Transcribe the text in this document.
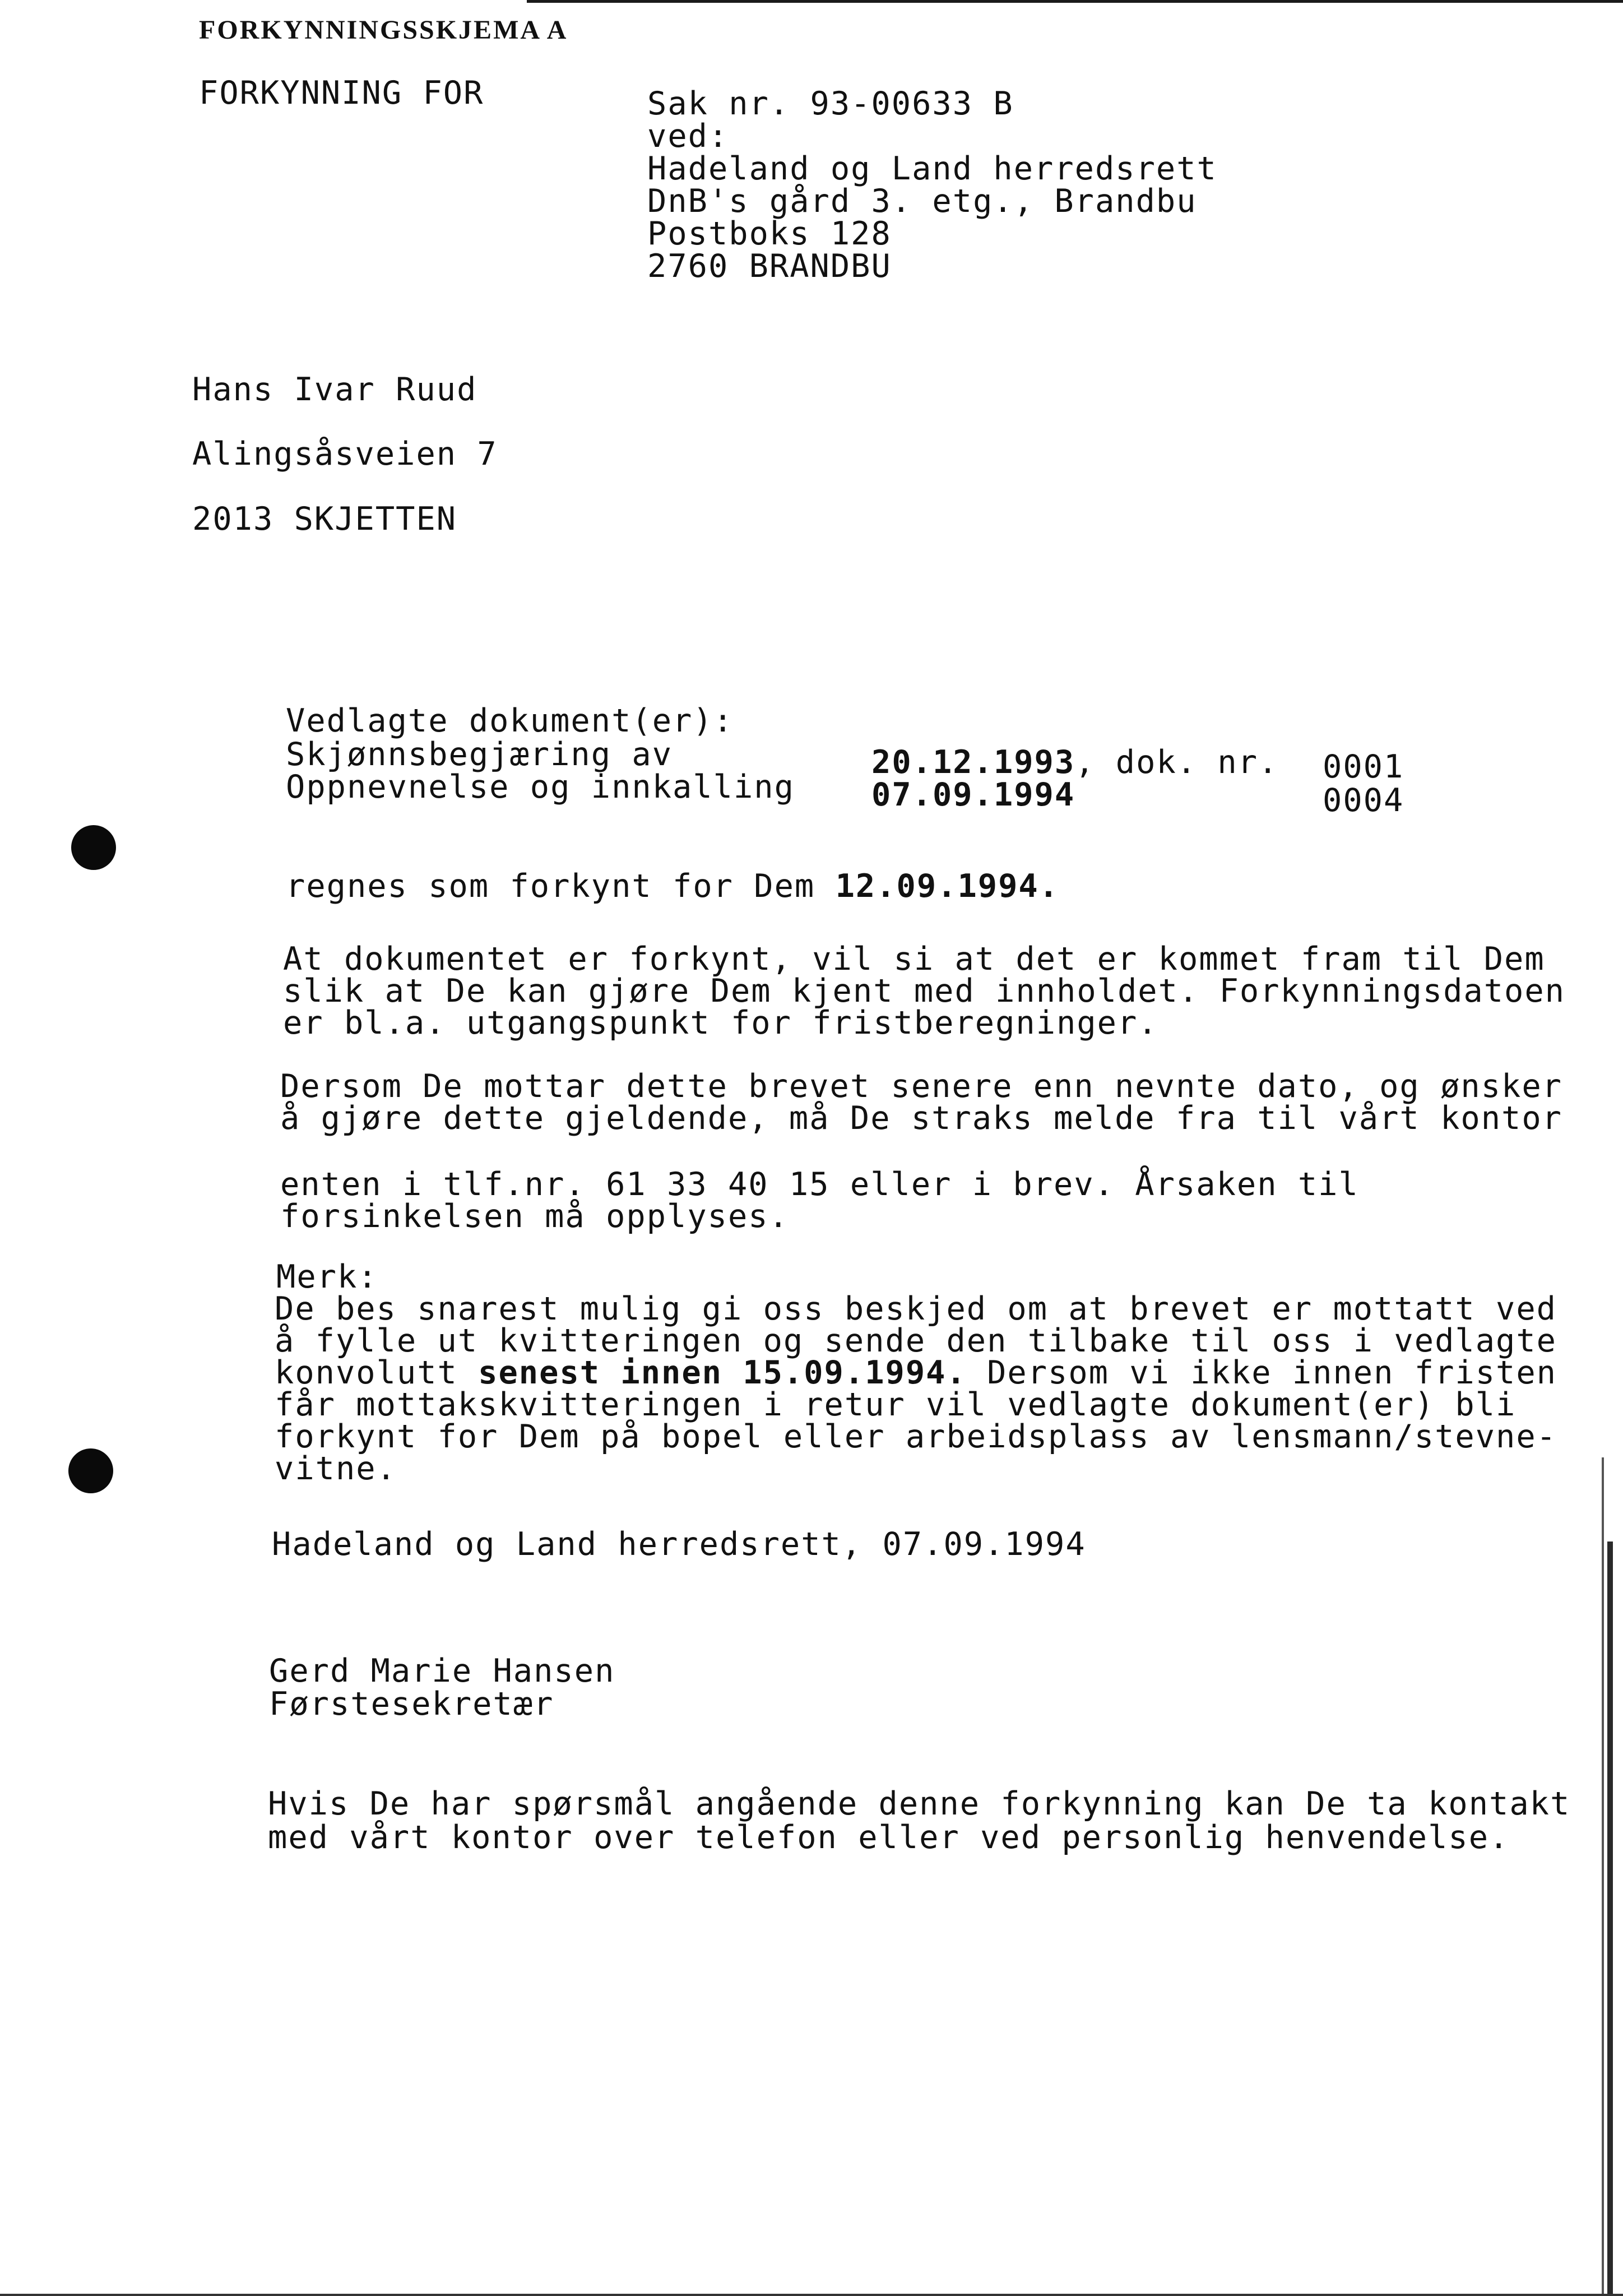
FORKYNNINGSSKJEMA A
FORKYNNING FOR	Sak nr. 93-00633 B
ved:
Hadeland og Land herredsrett
DnB's gård 3. etg., Brandbu
Postboks 128
2760 BRANDBU
Hans Ivar Ruud
Alingsåsveien 7
2013 SKJETTEN
Vedlagte dokument(er):
Skjønnsbegjæring av	20.12.1993, dok. nr. 0001
Oppnevnelse og innkalling 07.09.1994	0004
regnes som forkynt for Dem 12.09.1994.
At dokumentet er forkynt, vil si at det er kommet fram til Dem
slik at De kan gjøre Dem kjent med innholdet. Forkynningsdatoen
er bl.a. utgangspunkt for fristberegninger.
Dersom De mottar dette brevet senere enn nevnte dato, og ønsker
å gjøre dette gjeldende, må De straks melde fra til vårt kontor
enten i tlf.nr. 61 33 40 15 eller i brev. Årsaken til
forsinkelsen må opplyses.
Merk:
De bes snarest mulig gi oss beskjed om at brevet er mottatt ved
å fylle ut kvitteringen og sende den tilbake til oss i vedlagte
konvolutt senest innen 15.09.1994. Dersom vi ikke innen fristen
får mottakskvitteringen i retur vil vedlagte dokument(er) bli
forkynt for Dem på bopel eller arbeidsplass av lensmann/stevne-
vitne.
Hadeland og Land herredsrett, 07.09.1994
Gerd Marie Hansen
Førstesekretær
Hvis De har spørsmål angående denne forkynning kan De ta kontakt
med vårt kontor over telefon eller ved personlig henvendelse.
